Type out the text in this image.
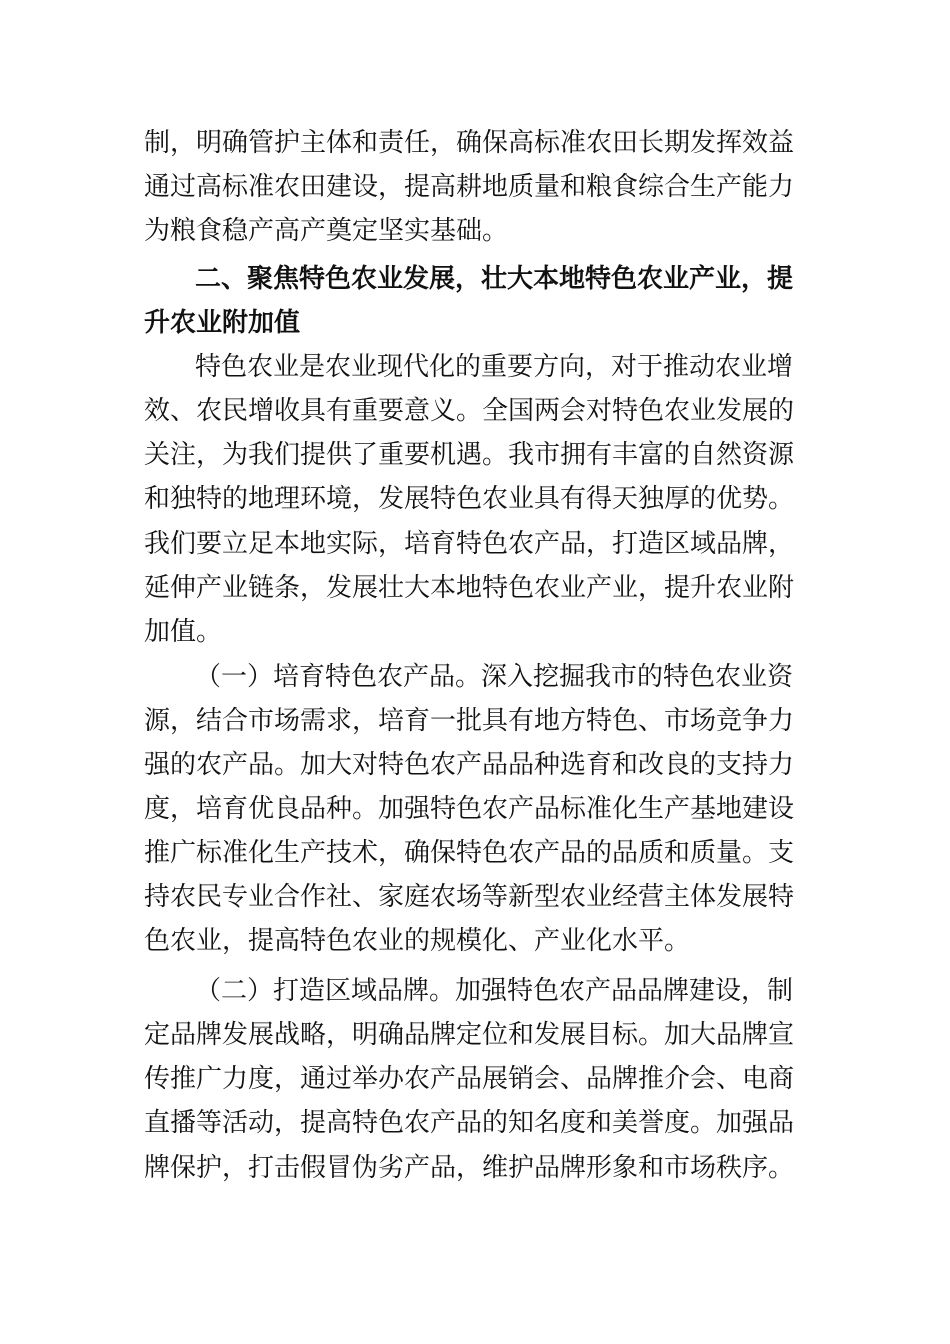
制，明确管护主体和责任，确保高标准农田长期发挥效益
通过高标准农田建设，提高耕地质量和粮食综合生产能力
为粮食稳产高产奠定坚实基础。
二、聚焦特色农业发展，壮大本地特色农业产业，提
升农业附加值
特色农业是农业现代化的重要方向，对于推动农业增
效、农民增收具有重要意义。全国两会对特色农业发展的
关注，为我们提供了重要机遇。我市拥有丰富的自然资源
和独特的地理环境，发展特色农业具有得天独厚的优势。
我们要立足本地实际，培育特色农产品，打造区域品牌，
延伸产业链条，发展壮大本地特色农业产业，提升农业附
加值。
（一）培育特色农产品。深入挖掘我市的特色农业资
源，结合市场需求，培育一批具有地方特色、市场竞争力
强的农产品。加大对特色农产品品种选育和改良的支持力
度，培育优良品种。加强特色农产品标准化生产基地建设
推广标准化生产技术，确保特色农产品的品质和质量。支
持农民专业合作社、家庭农场等新型农业经营主体发展特
色农业，提高特色农业的规模化、产业化水平。
（二）打造区域品牌。加强特色农产品品牌建设，制
定品牌发展战略，明确品牌定位和发展目标。加大品牌宣
传推广力度，通过举办农产品展销会、品牌推介会、电商
直播等活动，提高特色农产品的知名度和美誉度。加强品
牌保护，打击假冒伪劣产品，维护品牌形象和市场秩序。
